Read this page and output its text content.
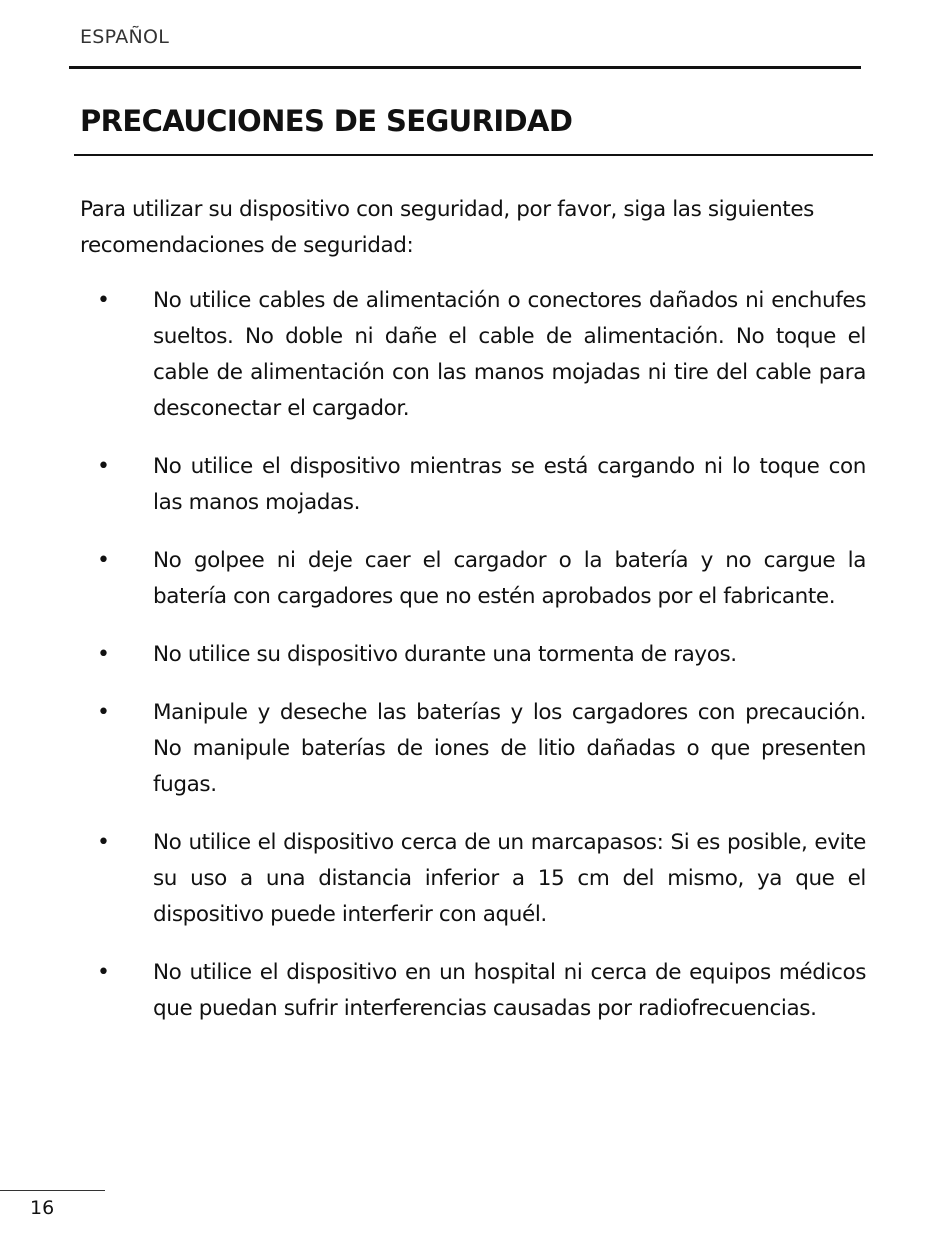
ESPAÑOL
PRECAUCIONES DE SEGURIDAD

Para utilizar su dispositivo con seguridad, por favor, siga las siguientes recomendaciones de seguridad:

• No utilice cables de alimentación o conectores dañados ni enchufes sueltos. No doble ni dañe el cable de alimentación. No toque el cable de alimentación con las manos mojadas ni tire del cable para desconectar el cargador.
• No utilice el dispositivo mientras se está cargando ni lo toque con las manos mojadas.
• No golpee ni deje caer el cargador o la batería y no cargue la batería con cargadores que no estén aprobados por el fabricante.
• No utilice su dispositivo durante una tormenta de rayos.
• Manipule y deseche las baterías y los cargadores con precaución. No manipule baterías de iones de litio dañadas o que presenten fugas.
• No utilice el dispositivo cerca de un marcapasos: Si es posible, evite su uso a una distancia inferior a 15 cm del mismo, ya que el dispositivo puede interferir con aquél.
• No utilice el dispositivo en un hospital ni cerca de equipos médicos que puedan sufrir interferencias causadas por radiofrecuencias.
16
